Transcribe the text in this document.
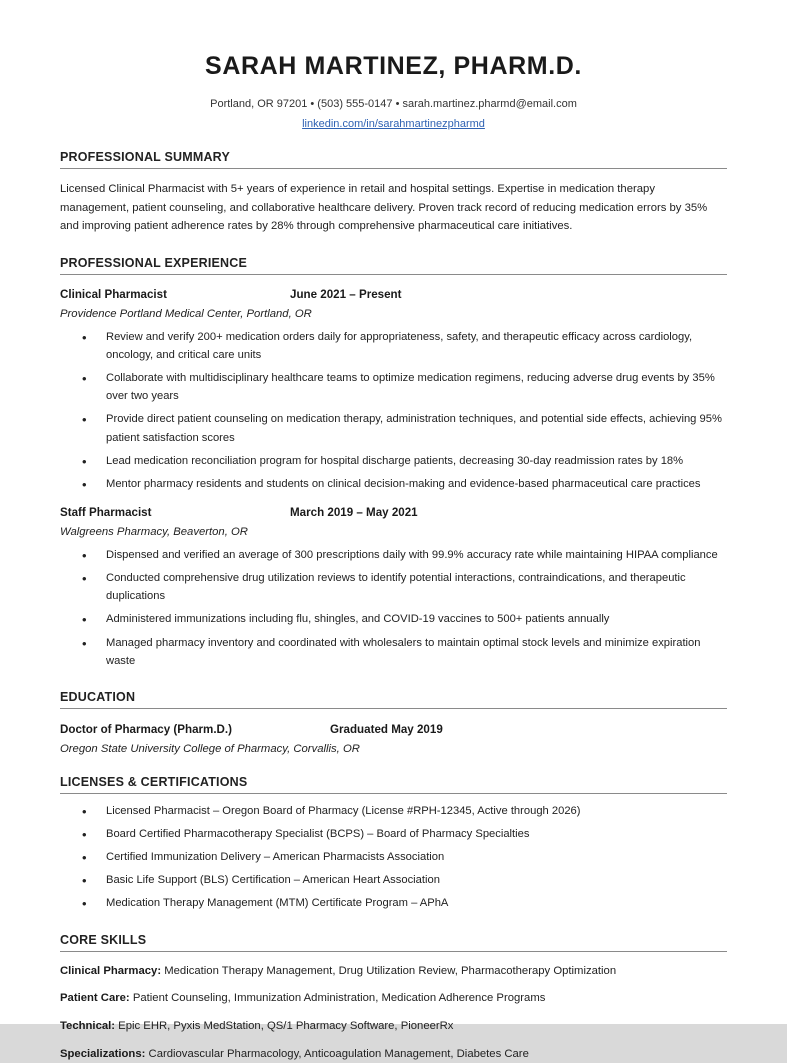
SARAH MARTINEZ, PHARM.D.
Portland, OR 97201 • (503) 555-0147 • sarah.martinez.pharmd@email.com
linkedin.com/in/sarahmartinezpharmd
PROFESSIONAL SUMMARY
Licensed Clinical Pharmacist with 5+ years of experience in retail and hospital settings. Expertise in medication therapy management, patient counseling, and collaborative healthcare delivery. Proven track record of reducing medication errors by 35% and improving patient adherence rates by 28% through comprehensive pharmaceutical care initiatives.
PROFESSIONAL EXPERIENCE
Clinical Pharmacist	June 2021 – Present
Providence Portland Medical Center, Portland, OR
• Review and verify 200+ medication orders daily for appropriateness, safety, and therapeutic efficacy across cardiology, oncology, and critical care units
• Collaborate with multidisciplinary healthcare teams to optimize medication regimens, reducing adverse drug events by 35% over two years
• Provide direct patient counseling on medication therapy, administration techniques, and potential side effects, achieving 95% patient satisfaction scores
• Lead medication reconciliation program for hospital discharge patients, decreasing 30-day readmission rates by 18%
• Mentor pharmacy residents and students on clinical decision-making and evidence-based pharmaceutical care practices
Staff Pharmacist	March 2019 – May 2021
Walgreens Pharmacy, Beaverton, OR
• Dispensed and verified an average of 300 prescriptions daily with 99.9% accuracy rate while maintaining HIPAA compliance
• Conducted comprehensive drug utilization reviews to identify potential interactions, contraindications, and therapeutic duplications
• Administered immunizations including flu, shingles, and COVID-19 vaccines to 500+ patients annually
• Managed pharmacy inventory and coordinated with wholesalers to maintain optimal stock levels and minimize expiration waste
EDUCATION
Doctor of Pharmacy (Pharm.D.)	Graduated May 2019
Oregon State University College of Pharmacy, Corvallis, OR
LICENSES & CERTIFICATIONS
• Licensed Pharmacist – Oregon Board of Pharmacy (License #RPH-12345, Active through 2026)
• Board Certified Pharmacotherapy Specialist (BCPS) – Board of Pharmacy Specialties
• Certified Immunization Delivery – American Pharmacists Association
• Basic Life Support (BLS) Certification – American Heart Association
• Medication Therapy Management (MTM) Certificate Program – APhA
CORE SKILLS
Clinical Pharmacy: Medication Therapy Management, Drug Utilization Review, Pharmacotherapy Optimization
Patient Care: Patient Counseling, Immunization Administration, Medication Adherence Programs
Technical: Epic EHR, Pyxis MedStation, QS/1 Pharmacy Software, PioneerRx
Specializations: Cardiovascular Pharmacology, Anticoagulation Management, Diabetes Care
